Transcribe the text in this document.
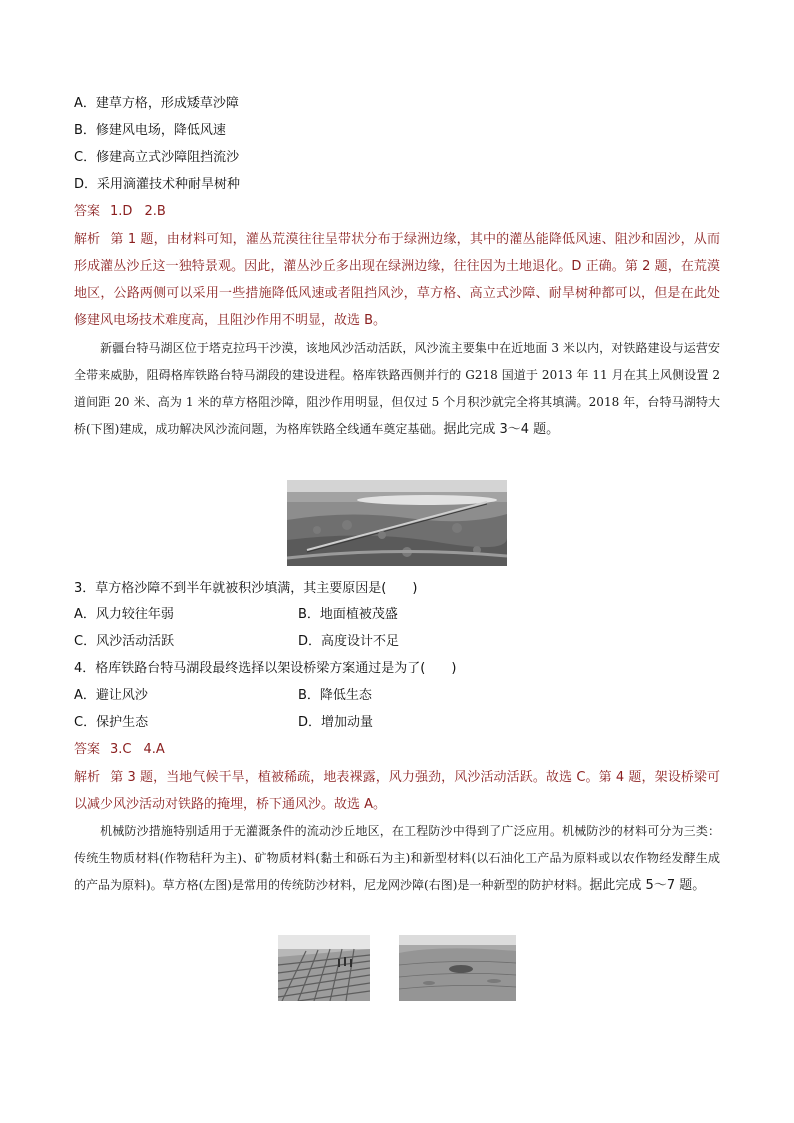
A．建草方格，形成矮草沙障
B．修建风电场，降低风速
C．修建高立式沙障阻挡流沙
D．采用滴灌技术种耐旱树种
答案 1.D 2.B
解析 第 1 题，由材料可知，灌丛荒漠往往呈带状分布于绿洲边缘，其中的灌丛能降低风速、阻沙和固沙，从而形成灌丛沙丘这一独特景观。因此，灌丛沙丘多出现在绿洲边缘，往往因为土地退化。D 正确。第 2 题，在荒漠地区，公路两侧可以采用一些措施降低风速或者阻挡风沙，草方格、高立式沙障、耐旱树种都可以，但是在此处修建风电场技术难度高，且阻沙作用不明显，故选 B。
新疆台特马湖区位于塔克拉玛干沙漠，该地风沙活动活跃，风沙流主要集中在近地面 3 米以内，对铁路建设与运营安全带来威胁，阻碍格库铁路台特马湖段的建设进程。格库铁路西侧并行的 G218 国道于 2013 年 11 月在其上风侧设置 2 道间距 20 米、高为 1 米的草方格阻沙障，阻沙作用明显，但仅过 5 个月积沙就完全将其填满。2018 年，台特马湖特大桥(下图)建成，成功解决风沙流问题，为格库铁路全线通车奠定基础。据此完成 3～4 题。
3．草方格沙障不到半年就被积沙填满，其主要原因是(　　)
A．风力较往年弱	B．地面植被茂盛
C．风沙活动活跃	D．高度设计不足
4．格库铁路台特马湖段最终选择以架设桥梁方案通过是为了(　　)
A．避让风沙	B．降低生态
C．保护生态	D．增加动量
答案 3.C 4.A
解析 第 3 题，当地气候干旱，植被稀疏，地表裸露，风力强劲，风沙活动活跃。故选 C。第 4 题，架设桥梁可以减少风沙活动对铁路的掩埋，桥下通风沙。故选 A。
机械防沙措施特别适用于无灌溉条件的流动沙丘地区，在工程防沙中得到了广泛应用。机械防沙的材料可分为三类：传统生物质材料(作物秸秆为主)、矿物质材料(黏土和砾石为主)和新型材料(以石油化工产品为原料或以农作物经发酵生成的产品为原料)。草方格(左图)是常用的传统防沙材料，尼龙网沙障(右图)是一种新型的防护材料。据此完成 5～7 题。
